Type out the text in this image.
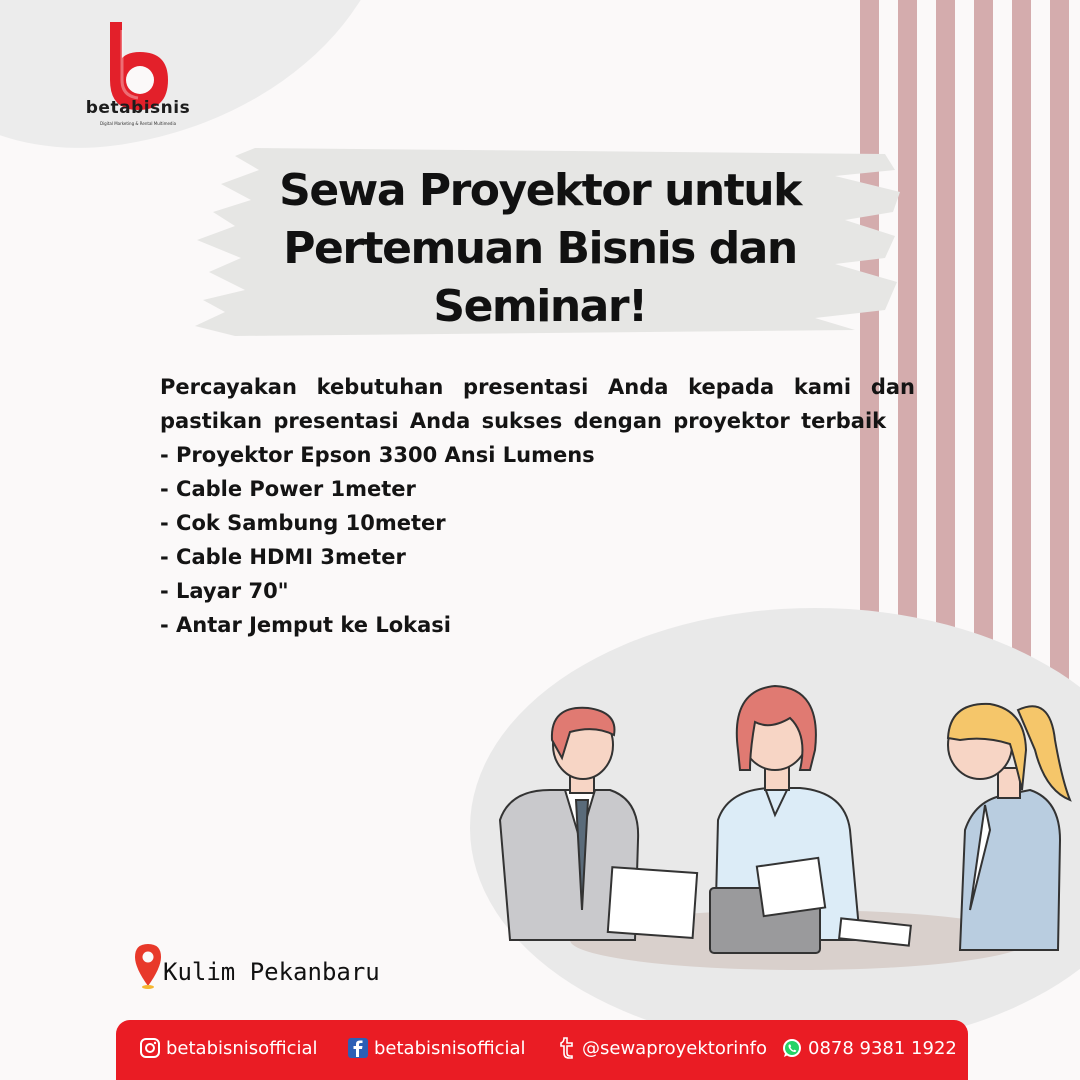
betabisnis
Digital Marketing & Rental Multimedia
Sewa Proyektor untuk
Pertemuan Bisnis dan
Seminar!
Percayakan kebutuhan presentasi Anda kepada kami dan pastikan presentasi Anda sukses dengan proyektor terbaik
- Proyektor Epson 3300 Ansi Lumens
- Cable Power 1meter
- Cok Sambung 10meter
- Cable HDMI 3meter
- Layar 70"
- Antar Jemput ke Lokasi
Kulim Pekanbaru
betabisnisofficial	betabisnisofficial	@sewaproyektorinfo 0878 9381 1922
